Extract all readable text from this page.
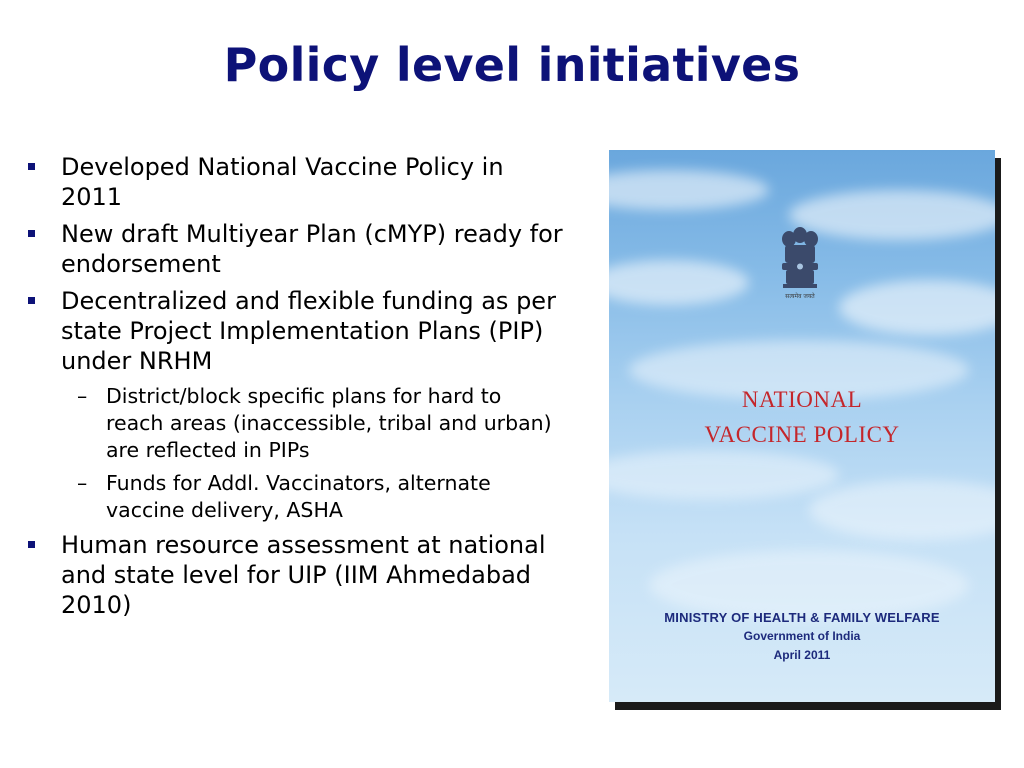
Policy level initiatives
Developed National Vaccine Policy in 2011
New draft Multiyear Plan (cMYP) ready for endorsement
Decentralized and flexible funding as per state Project Implementation Plans (PIP) under NRHM
– District/block specific plans for hard to reach areas (inaccessible, tribal and urban) are reflected in PIPs
– Funds for Addl. Vaccinators, alternate vaccine delivery, ASHA
Human resource assessment at national and state level for UIP (IIM Ahmedabad 2010)
सत्यमेव जयते
NATIONAL
VACCINE POLICY
MINISTRY OF HEALTH & FAMILY WELFARE
Government of India
April 2011
